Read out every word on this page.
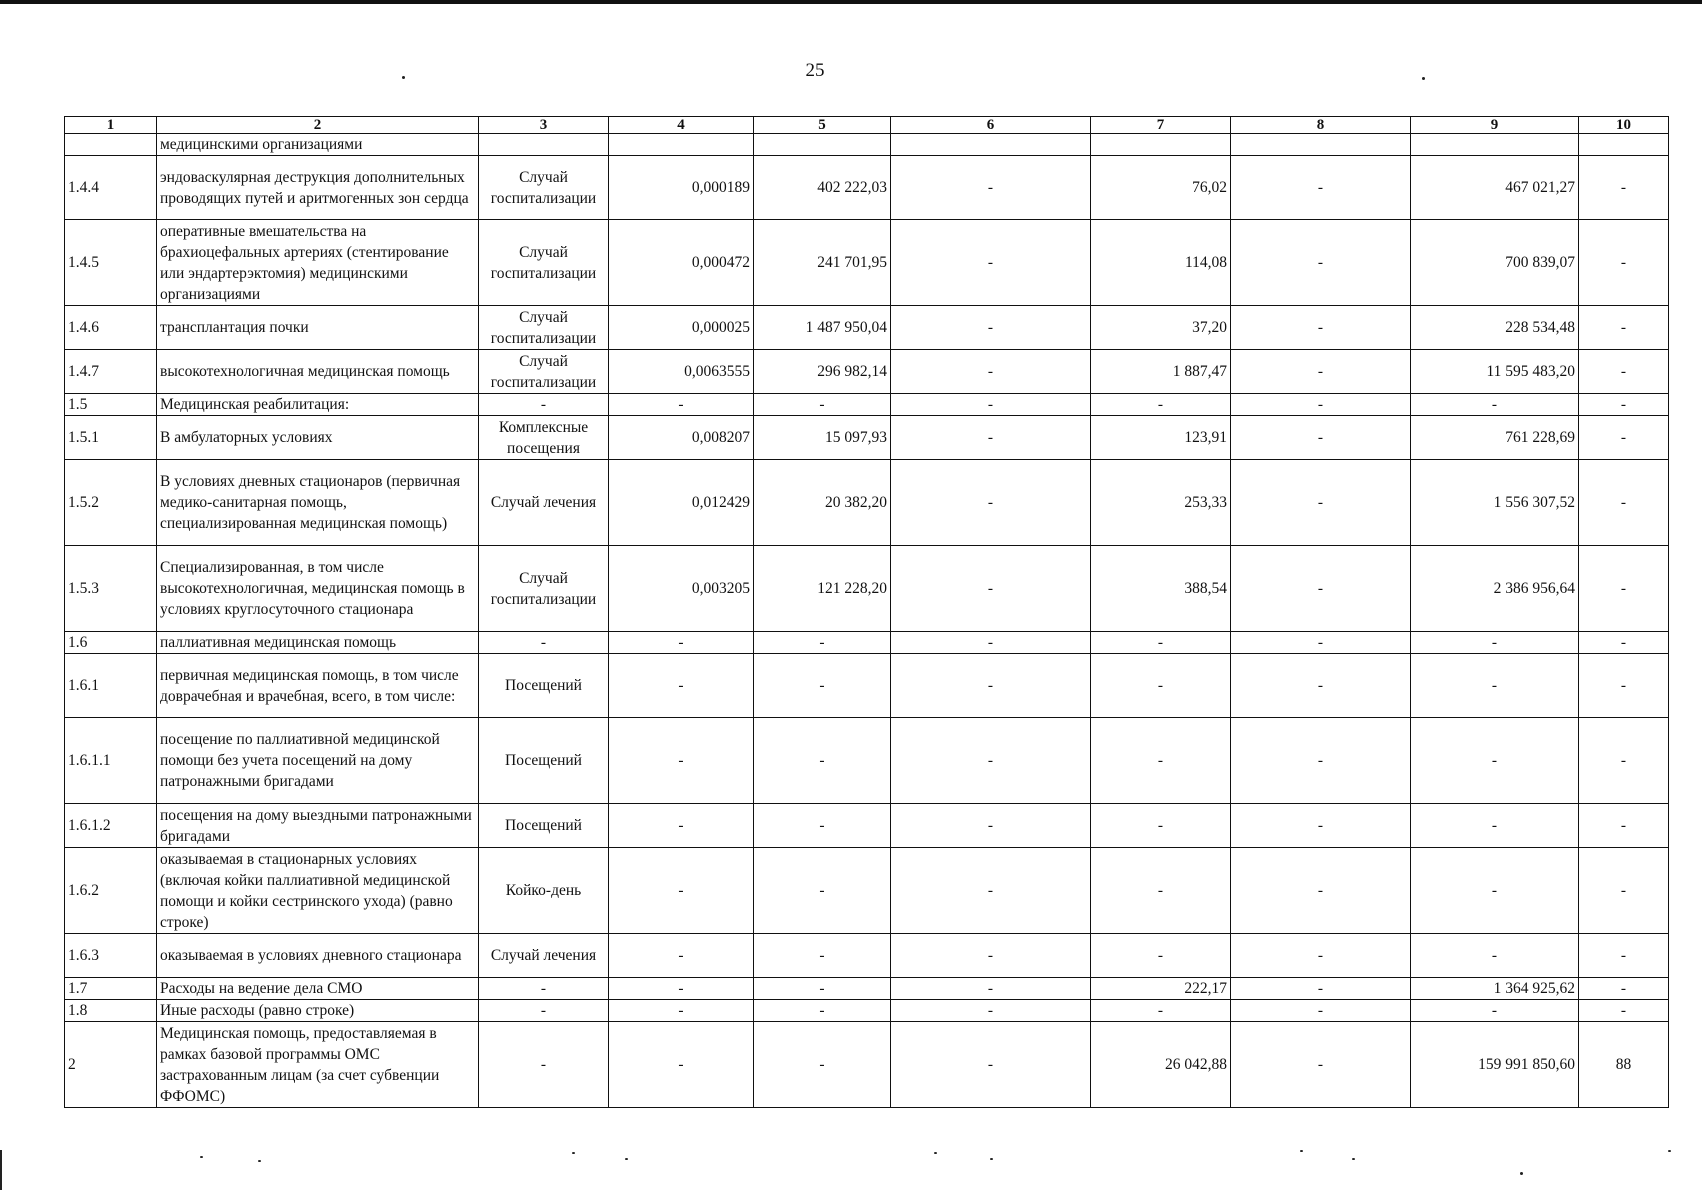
25
1	2	3	4	5	6	7	8	9	10
	медицинскими организациями								
1.4.4	эндоваскулярная деструкция дополнительных проводящих путей и аритмогенных зон сердца	Случай госпитализации	0,000189	402 222,03	-	76,02	-	467 021,27	-
1.4.5	оперативные вмешательства на брахиоцефальных артериях (стентирование или эндартерэктомия) медицинскими организациями	Случай госпитализации	0,000472	241 701,95	-	114,08	-	700 839,07	-
1.4.6	трансплантация почки	Случай госпитализации	0,000025	1 487 950,04	-	37,20	-	228 534,48	-
1.4.7	высокотехнологичная медицинская помощь	Случай госпитализации	0,0063555	296 982,14	-	1 887,47	-	11 595 483,20	-
1.5	Медицинская реабилитация:	-	-	-	-	-	-	-	-
1.5.1	В амбулаторных условиях	Комплексные посещения	0,008207	15 097,93	-	123,91	-	761 228,69	-
1.5.2	В условиях дневных стационаров (первичная медико-санитарная помощь, специализированная медицинская помощь)	Случай лечения	0,012429	20 382,20	-	253,33	-	1 556 307,52	-
1.5.3	Специализированная, в том числе высокотехнологичная, медицинская помощь в условиях круглосуточного стационара	Случай госпитализации	0,003205	121 228,20	-	388,54	-	2 386 956,64	-
1.6	паллиативная медицинская помощь	-	-	-	-	-	-	-	-
1.6.1	первичная медицинская помощь, в том числе доврачебная и врачебная, всего, в том числе:	Посещений	-	-	-	-	-	-	-
1.6.1.1	посещение по паллиативной медицинской помощи без учета посещений на дому патронажными бригадами	Посещений	-	-	-	-	-	-	-
1.6.1.2	посещения на дому выездными патронажными бригадами	Посещений	-	-	-	-	-	-	-
1.6.2	оказываемая в стационарных условиях (включая койки паллиативной медицинской помощи и койки сестринского ухода) (равно строке)	Койко-день	-	-	-	-	-	-	-
1.6.3	оказываемая в условиях дневного стационара	Случай лечения	-	-	-	-	-	-	-
1.7	Расходы на ведение дела СМО	-	-	-	-	222,17	-	1 364 925,62	-
1.8	Иные расходы (равно строке)	-	-	-	-	-	-	-	-
2	Медицинская помощь, предоставляемая в рамках базовой программы ОМС застрахованным лицам (за счет субвенции ФФОМС)	-	-	-	-	26 042,88	-	159 991 850,60	88
